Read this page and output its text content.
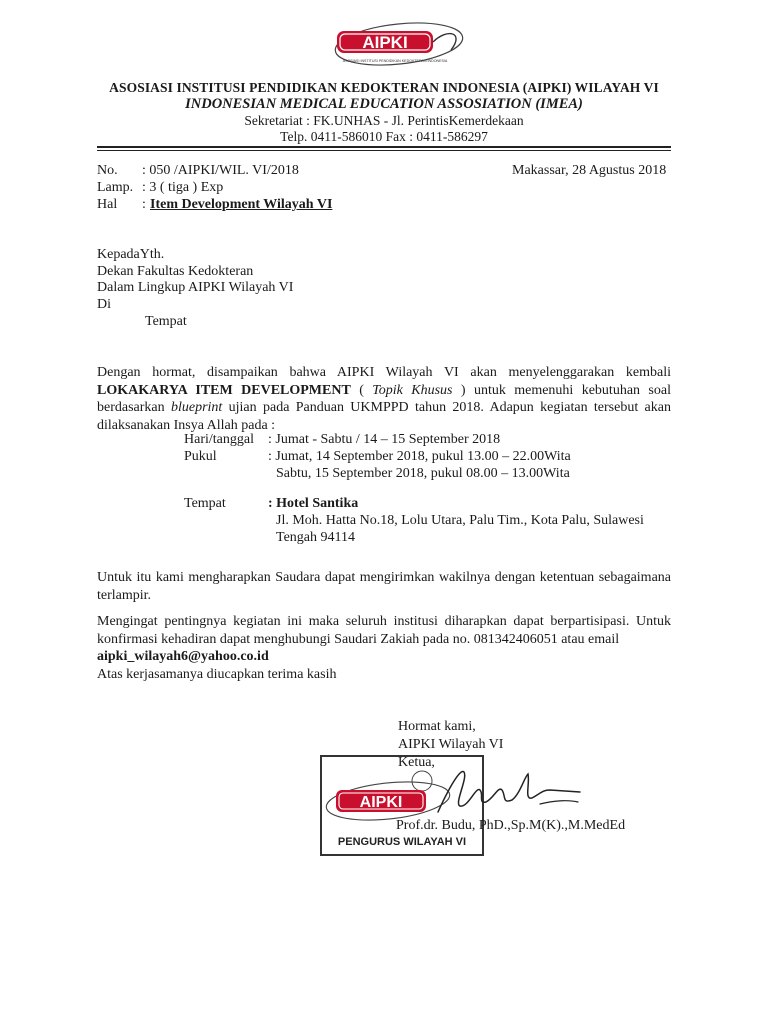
AIPKI
ASOSIASI INSTITUSI PENDIDIKAN KEDOKTERAN INDONESIA
ASOSIASI INSTITUSI PENDIDIKAN KEDOKTERAN INDONESIA (AIPKI) WILAYAH VI
INDONESIAN MEDICAL EDUCATION ASSOSIATION (IMEA)
Sekretariat : FK.UNHAS - Jl. PerintisKemerdekaan
Telp. 0411-586010 Fax : 0411-586297
No. : 050 /AIPKI/WIL. VI/2018
Lamp. : 3 ( tiga ) Exp
Hal : Item Development Wilayah VI
Makassar, 28 Agustus 2018
KepadaYth.
Dekan Fakultas Kedokteran
Dalam Lingkup AIPKI Wilayah VI
Di
Tempat
Dengan hormat, disampaikan bahwa AIPKI Wilayah VI akan menyelenggarakan kembali LOKAKARYA ITEM DEVELOPMENT ( Topik Khusus ) untuk memenuhi kebutuhan soal berdasarkan blueprint ujian pada Panduan UKMPPD tahun 2018. Adapun kegiatan tersebut akan dilaksanakan Insya Allah pada :
Hari/tanggal : Jumat - Sabtu / 14 – 15 September 2018
Pukul	: Jumat, 14 September 2018, pukul 13.00 – 22.00Wita
Sabtu, 15 September 2018, pukul 08.00 – 13.00Wita
Tempat	: Hotel Santika
Jl. Moh. Hatta No.18, Lolu Utara, Palu Tim., Kota Palu, Sulawesi
Tengah 94114
Untuk itu kami mengharapkan Saudara dapat mengirimkan wakilnya dengan ketentuan sebagaimana terlampir.
Mengingat pentingnya kegiatan ini maka seluruh institusi diharapkan dapat berpartisipasi. Untuk konfirmasi kehadiran dapat menghubungi Saudari Zakiah pada no. 081342406051 atau email
aipki_wilayah6@yahoo.co.id
Atas kerjasamanya diucapkan terima kasih
Hormat kami,
AIPKI Wilayah VI
AIPKI
PENGURUS WILAYAH VI
Ketua,
Prof.dr. Budu, PhD.,Sp.M(K).,M.MedEd
